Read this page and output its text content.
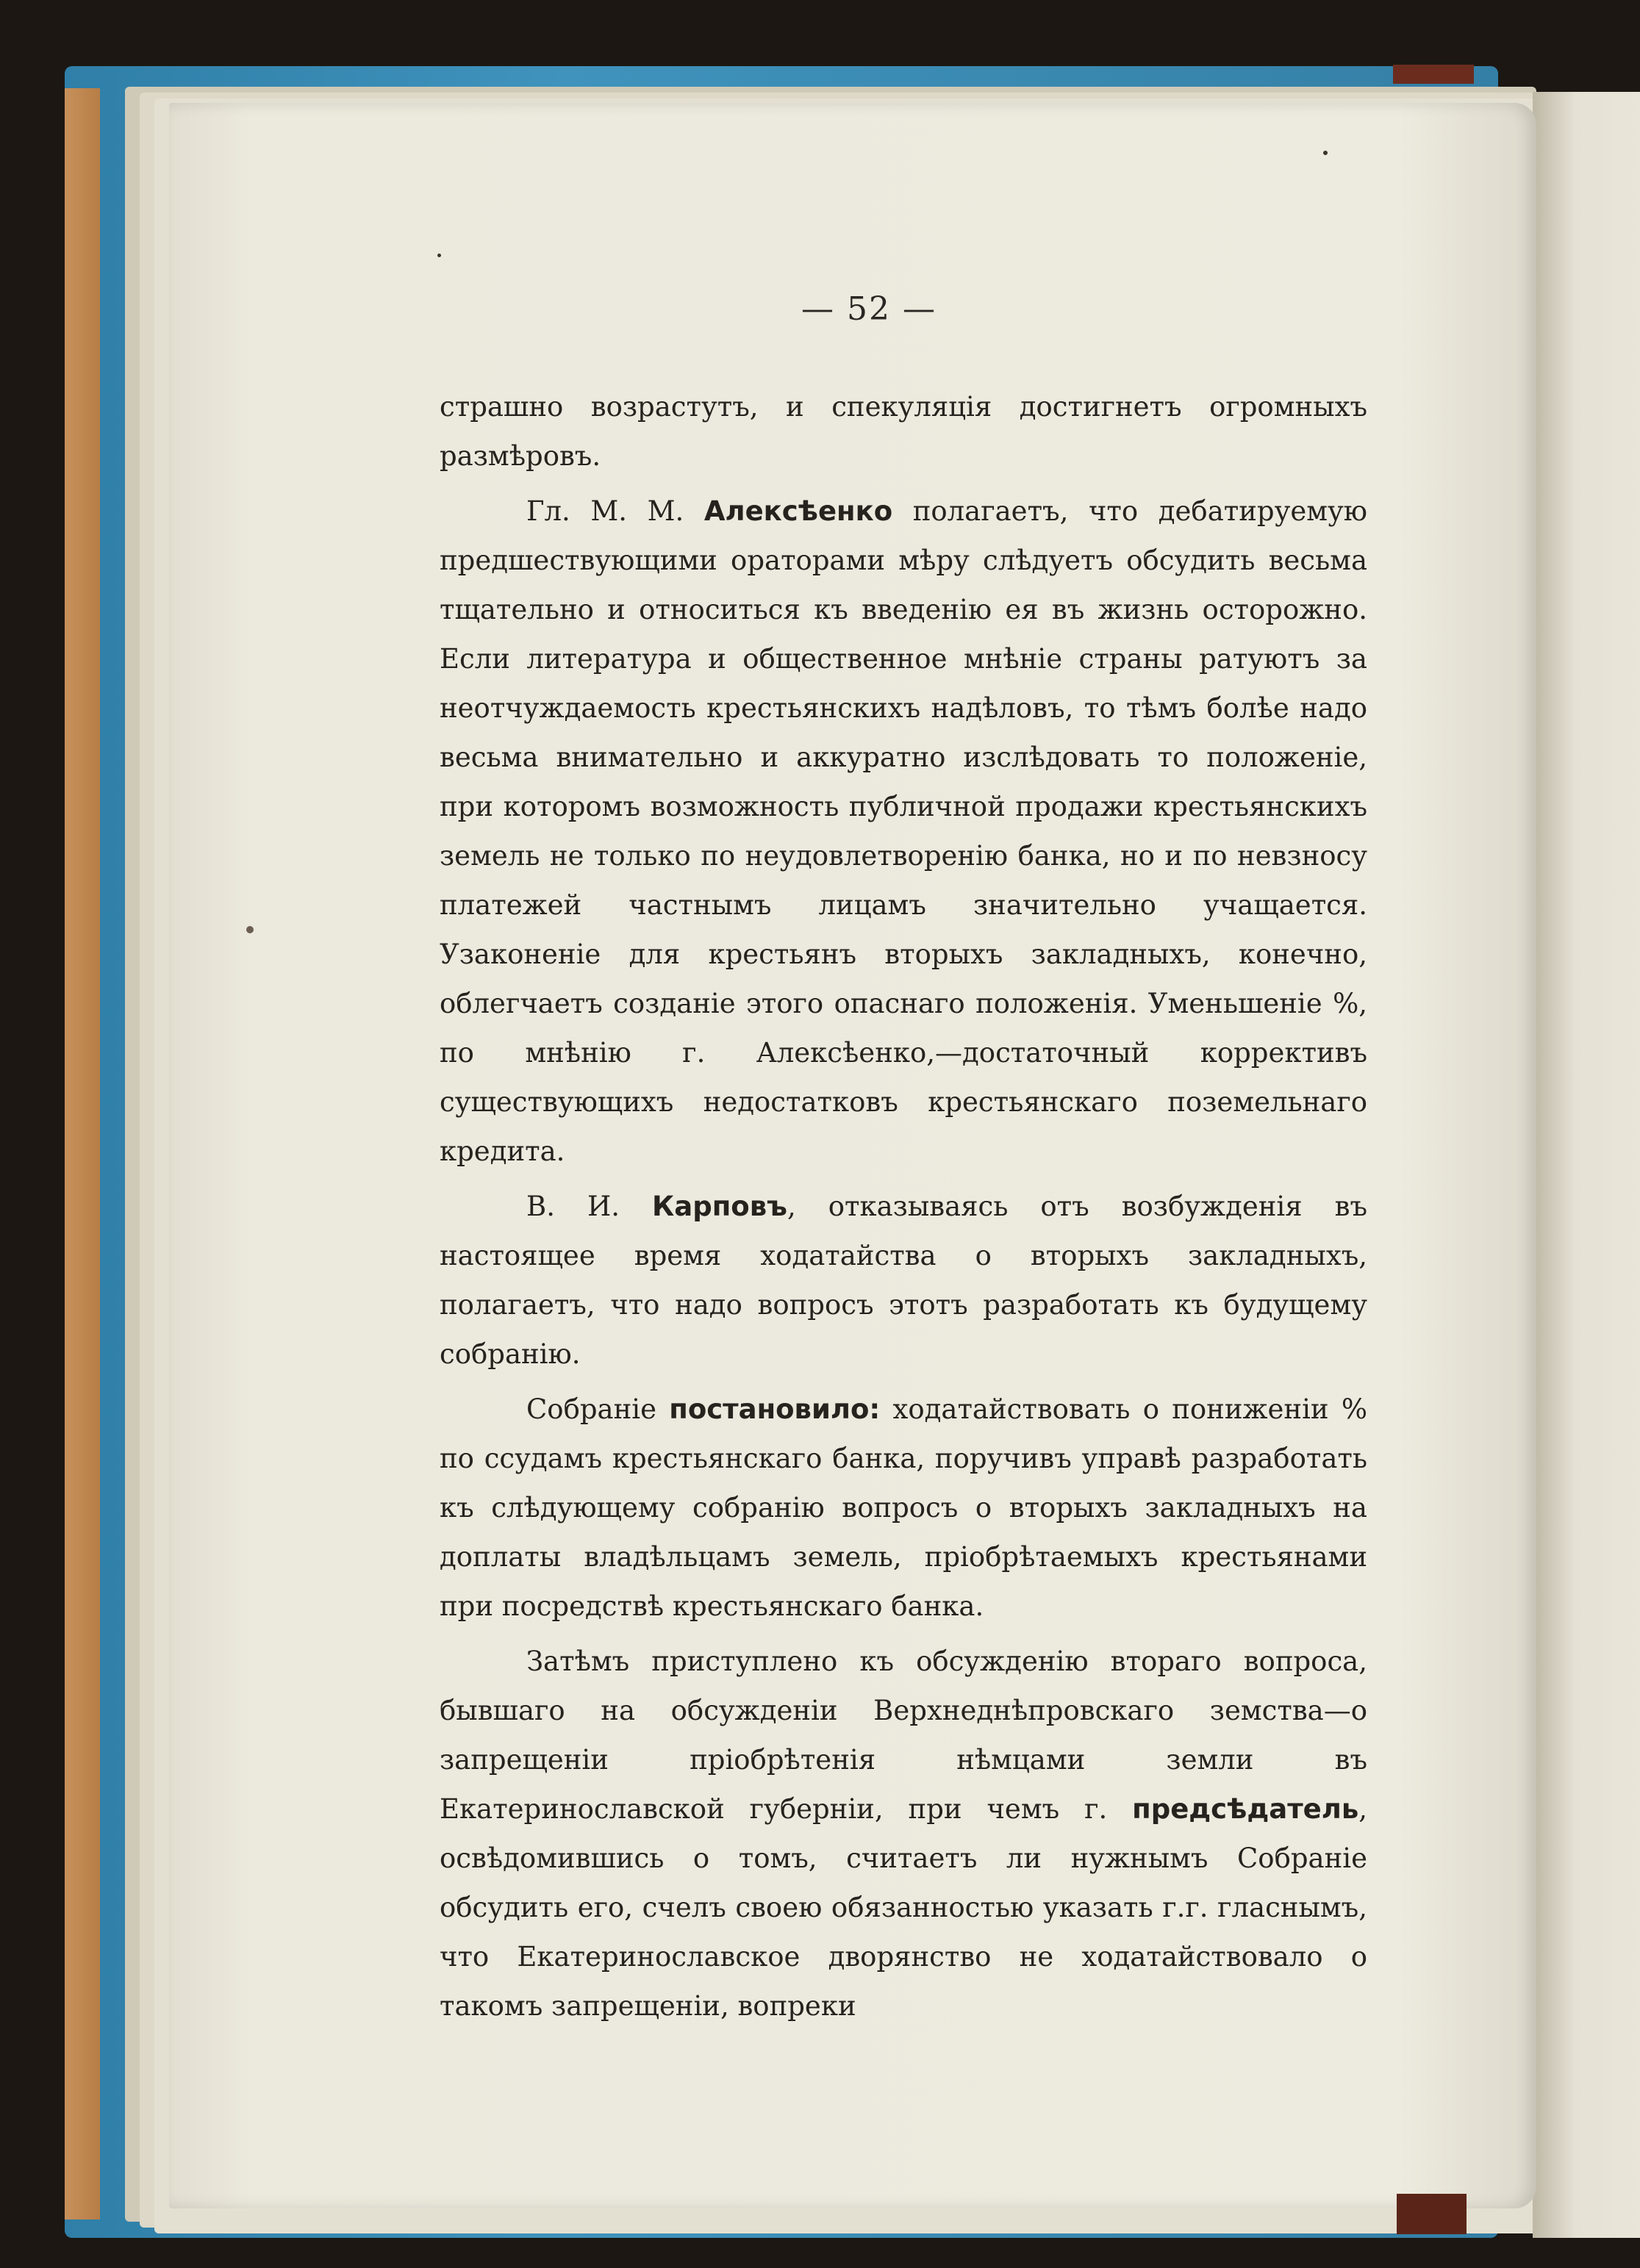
— 52 —

страшно возрастутъ, и спекуляція достигнетъ огромныхъ размѣровъ.

Гл. М. М. Алексѣенко полагаетъ, что дебатируемую предшествующими ораторами мѣру слѣдуетъ обсудить весьма тщательно и относиться къ введенію ея въ жизнь осторожно. Если литература и общественное мнѣніе страны ратуютъ за неотчуждаемость крестьянскихъ надѣловъ, то тѣмъ болѣе надо весьма внимательно и аккуратно изслѣдовать то положеніе, при которомъ возможность публичной продажи крестьянскихъ земель не только по неудовлетворенію банка, но и по невзносу платежей частнымъ лицамъ значительно учащается. Узаконеніе для крестьянъ вторыхъ закладныхъ, конечно, облегчаетъ созданіе этого опаснаго положенія. Уменьшеніе %, по мнѣнію г. Алексѣенко,—достаточный коррективъ существующихъ недостатковъ крестьянскаго поземельнаго кредита.

В. И. Карповъ, отказываясь отъ возбужденія въ настоящее время ходатайства о вторыхъ закладныхъ, полагаетъ, что надо вопросъ этотъ разработать къ будущему собранію.

Собраніе постановило: ходатайствовать о пониженіи % по ссудамъ крестьянскаго банка, поручивъ управѣ разработать къ слѣдующему собранію вопросъ о вторыхъ закладныхъ на доплаты владѣльцамъ земель, пріобрѣтаемыхъ крестьянами при посредствѣ крестьянскаго банка.

Затѣмъ приступлено къ обсужденію втораго вопроса, бывшаго на обсужденіи Верхнеднѣпровскаго земства—о запрещеніи пріобрѣтенія нѣмцами земли въ Екатеринославской губерніи, при чемъ г. предсѣдатель, освѣдомившись о томъ, считаетъ ли нужнымъ Собраніе обсудить его, счелъ своею обязанностью указать г.г. гласнымъ, что Екатеринославское дворянство не ходатайствовало о такомъ запрещеніи, вопреки
